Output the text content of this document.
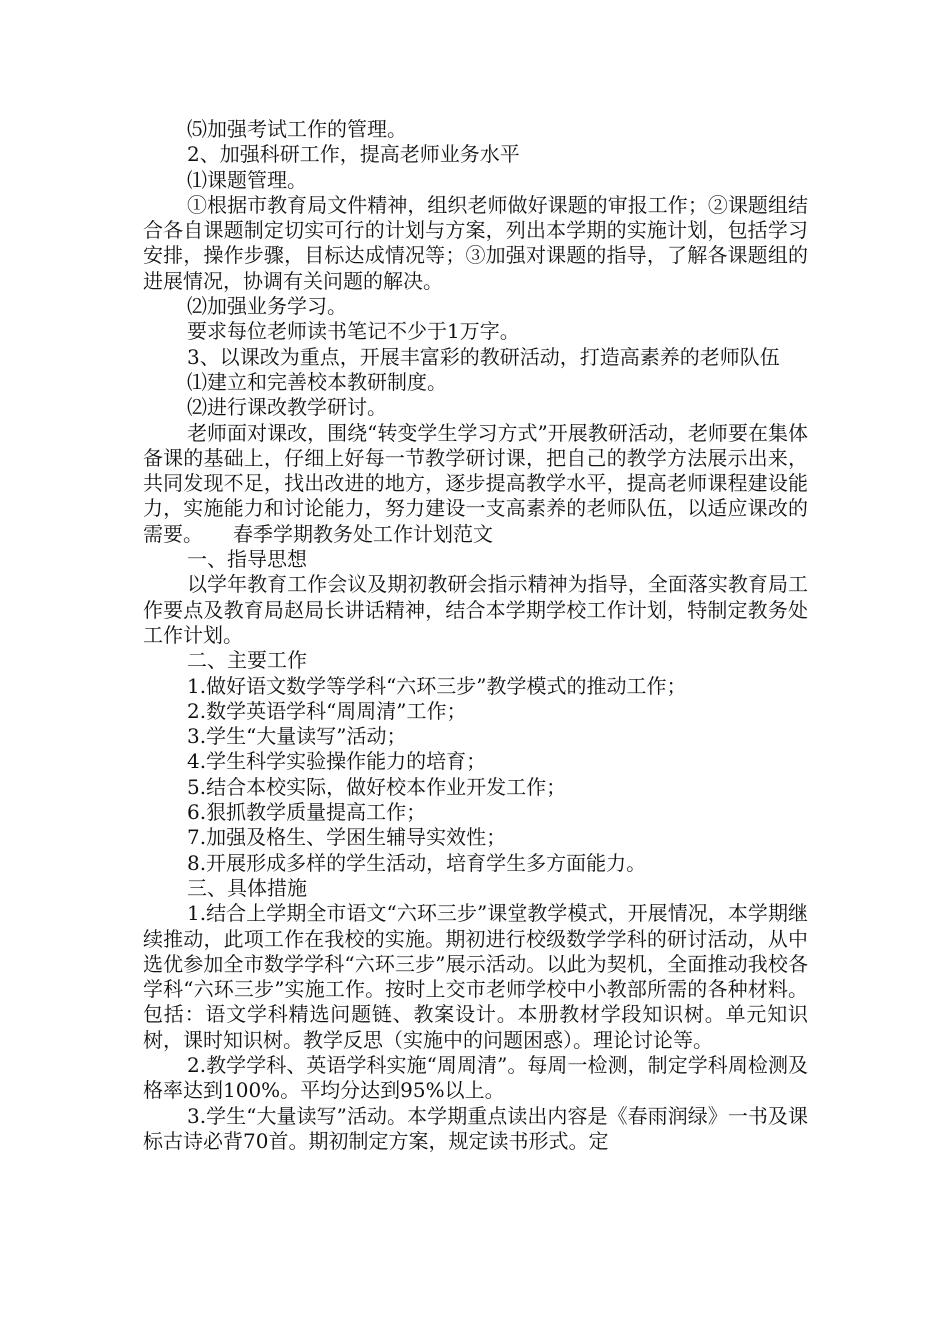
⑸加强考试工作的管理。

2、加强科研工作，提高老师业务水平

⑴课题管理。

①根据市教育局文件精神，组织老师做好课题的审报工作；②课题组结合各自课题制定切实可行的计划与方案，列出本学期的实施计划，包括学习安排，操作步骤，目标达成情况等；③加强对课题的指导，了解各课题组的进展情况，协调有关问题的解决。

⑵加强业务学习。

要求每位老师读书笔记不少于1万字。

3、以课改为重点，开展丰富彩的教研活动，打造高素养的老师队伍

⑴建立和完善校本教研制度。

⑵进行课改教学研讨。

老师面对课改，围绕“转变学生学习方式”开展教研活动，老师要在集体备课的基础上，仔细上好每一节教学研讨课，把自己的教学方法展示出来，共同发现不足，找出改进的地方，逐步提高教学水平，提高老师课程建设能力，实施能力和讨论能力，努力建设一支高素养的老师队伍，以适应课改的需要。　　春季学期教务处工作计划范文

一、指导思想

以学年教育工作会议及期初教研会指示精神为指导，全面落实教育局工作要点及教育局赵局长讲话精神，结合本学期学校工作计划，特制定教务处工作计划。

二、主要工作

1.做好语文数学等学科“六环三步”教学模式的推动工作；

2.数学英语学科“周周清”工作；

3.学生“大量读写”活动；

4.学生科学实验操作能力的培育；

5.结合本校实际，做好校本作业开发工作；

6.狠抓教学质量提高工作；

7.加强及格生、学困生辅导实效性；

8.开展形成多样的学生活动，培育学生多方面能力。

三、具体措施

1.结合上学期全市语文“六环三步”课堂教学模式，开展情况，本学期继续推动，此项工作在我校的实施。期初进行校级数学学科的研讨活动，从中选优参加全市数学学科“六环三步”展示活动。以此为契机，全面推动我校各学科“六环三步”实施工作。按时上交市老师学校中小教部所需的各种材料。包括：语文学科精选问题链、教案设计。本册教材学段知识树。单元知识树，课时知识树。教学反思（实施中的问题困惑）。理论讨论等。

2.教学学科、英语学科实施“周周清”。每周一检测，制定学科周检测及格率达到100%。平均分达到95%以上。

3.学生“大量读写”活动。本学期重点读出内容是《春雨润绿》一书及课标古诗必背70首。期初制定方案，规定读书形式。定
